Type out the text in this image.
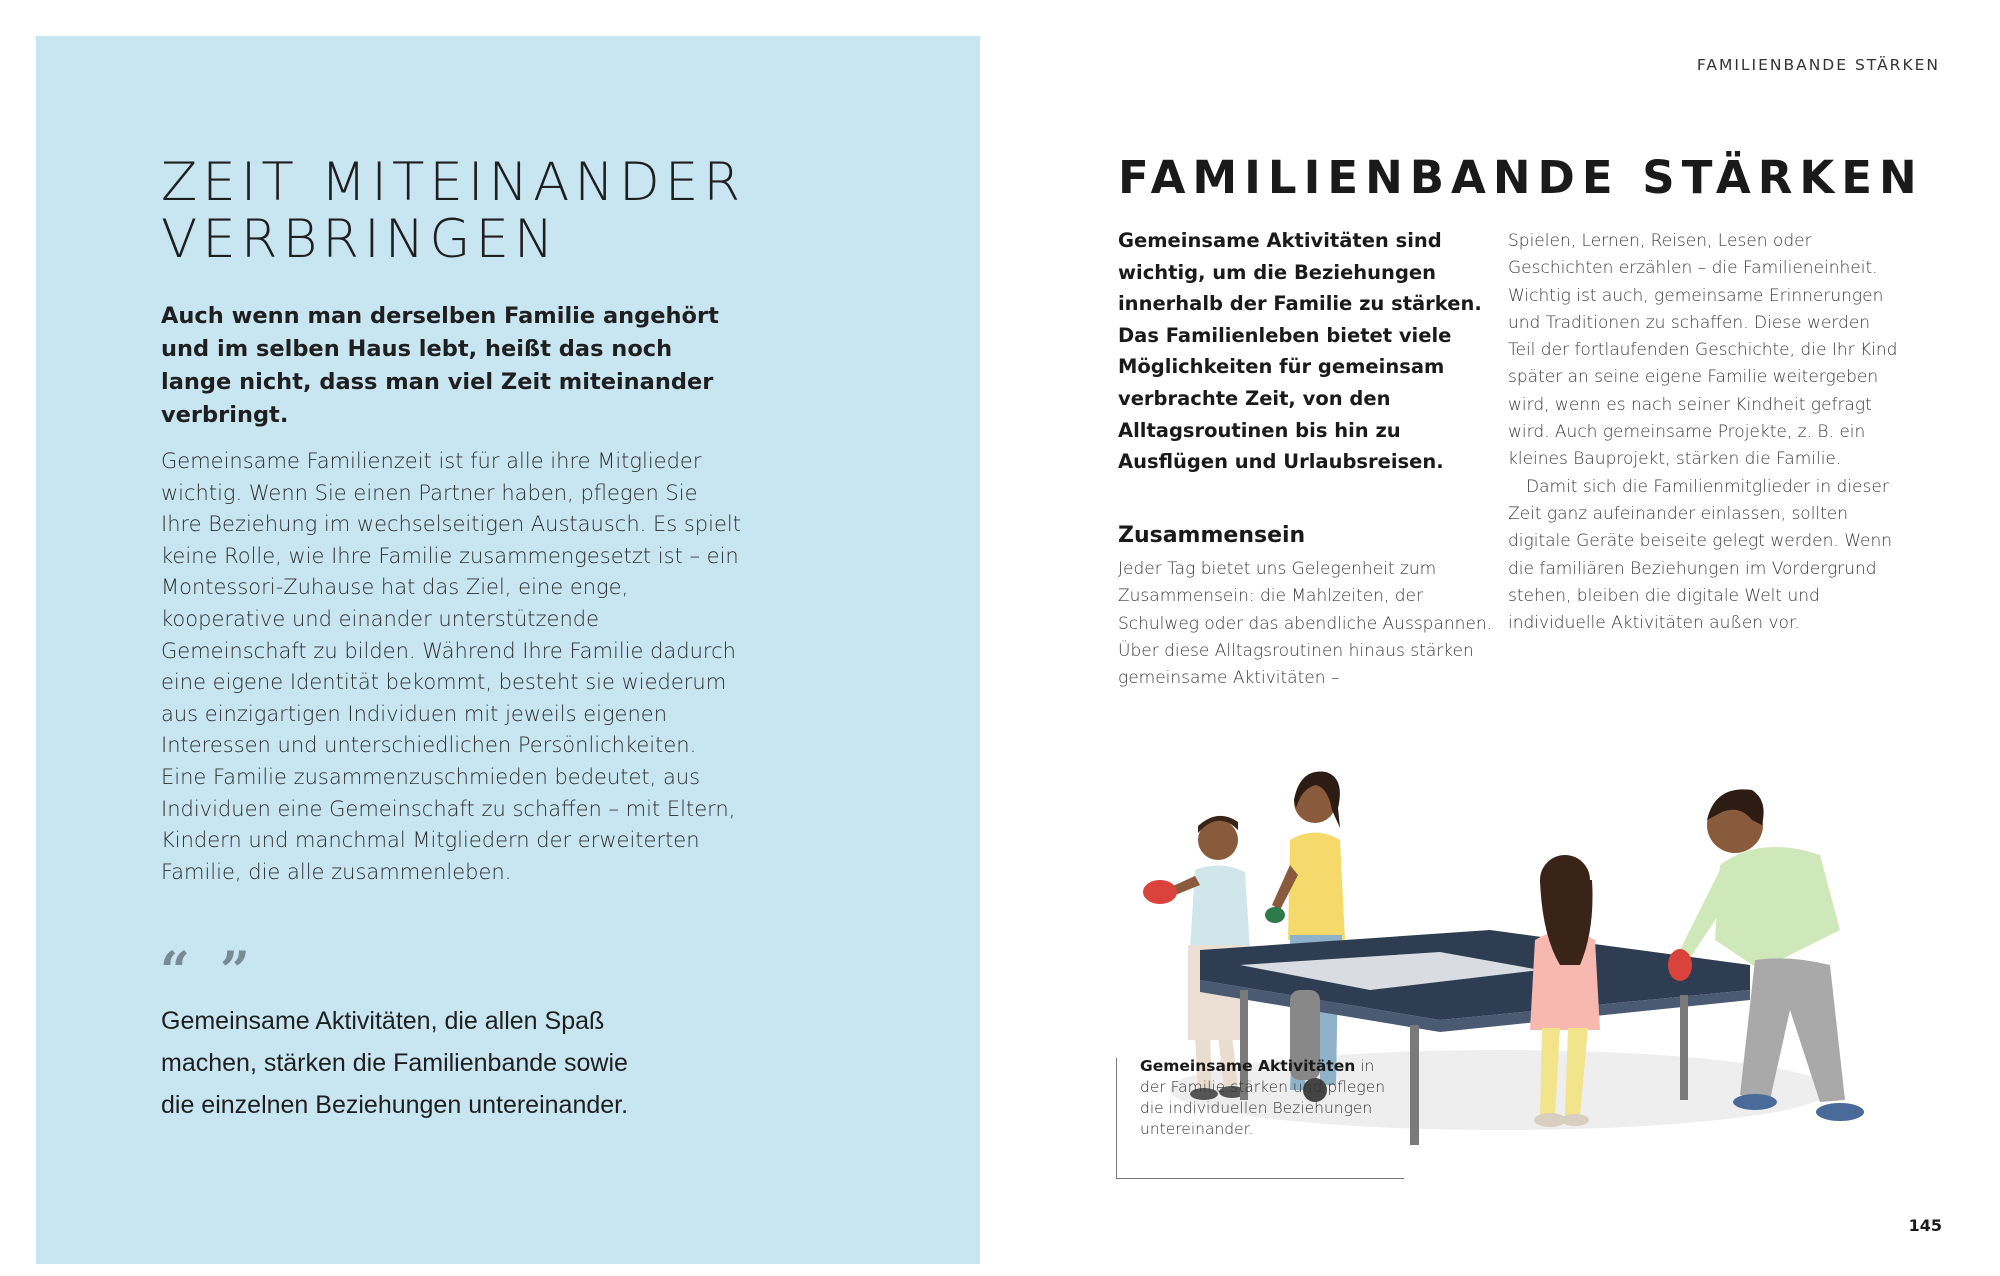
ZEIT MITEINANDER
VERBRINGEN

Auch wenn man derselben Familie angehört und im selben Haus lebt, heißt das noch lange nicht, dass man viel Zeit miteinander verbringt.

Gemeinsame Familienzeit ist für alle ihre Mitglieder wichtig. Wenn Sie einen Partner haben, pflegen Sie Ihre Beziehung im wechselseitigen Austausch. Es spielt keine Rolle, wie Ihre Familie zusammengesetzt ist – ein Montessori-Zuhause hat das Ziel, eine enge, kooperative und einander unterstützende Gemeinschaft zu bilden. Während Ihre Familie dadurch eine eigene Identität bekommt, besteht sie wiederum aus einzigartigen Individuen mit jeweils eigenen Interessen und unterschiedlichen Persönlichkeiten. Eine Familie zusammenzuschmieden bedeutet, aus Individuen eine Gemeinschaft zu schaffen – mit Eltern, Kindern und manchmal Mitgliedern der erweiterten Familie, die alle zusammenleben.

“ ”

Gemeinsame Aktivitäten, die allen Spaß machen, stärken die Familienbande sowie die einzelnen Beziehungen untereinander.

FAMILIENBANDE STÄRKEN
FAMILIENBANDE STÄRKEN

Gemeinsame Aktivitäten sind wichtig, um die Beziehungen innerhalb der Familie zu stärken. Das Familienleben bietet viele Möglichkeiten für gemeinsam verbrachte Zeit, von den Alltagsroutinen bis hin zu Ausflügen und Urlaubsreisen.

Zusammensein

Jeder Tag bietet uns Gelegenheit zum Zusammensein: die Mahlzeiten, der Schulweg oder das abendliche Ausspannen. Über diese Alltagsroutinen hinaus stärken gemeinsame Aktivitäten –

Spielen, Lernen, Reisen, Lesen oder Geschichten erzählen – die Familieneinheit. Wichtig ist auch, gemeinsame Erinnerungen und Traditionen zu schaffen. Diese werden Teil der fortlaufenden Geschichte, die Ihr Kind später an seine eigene Familie weitergeben wird, wenn es nach seiner Kindheit gefragt wird. Auch gemeinsame Projekte, z. B. ein kleines Bauprojekt, stärken die Familie.

Damit sich die Familienmitglieder in dieser Zeit ganz aufeinander einlassen, sollten digitale Geräte beiseite gelegt werden. Wenn die familiären Beziehungen im Vordergrund stehen, bleiben die digitale Welt und individuelle Aktivitäten außen vor.

Gemeinsame Aktivitäten in der Familie stärken und pflegen die individuellen Beziehungen untereinander.

145
